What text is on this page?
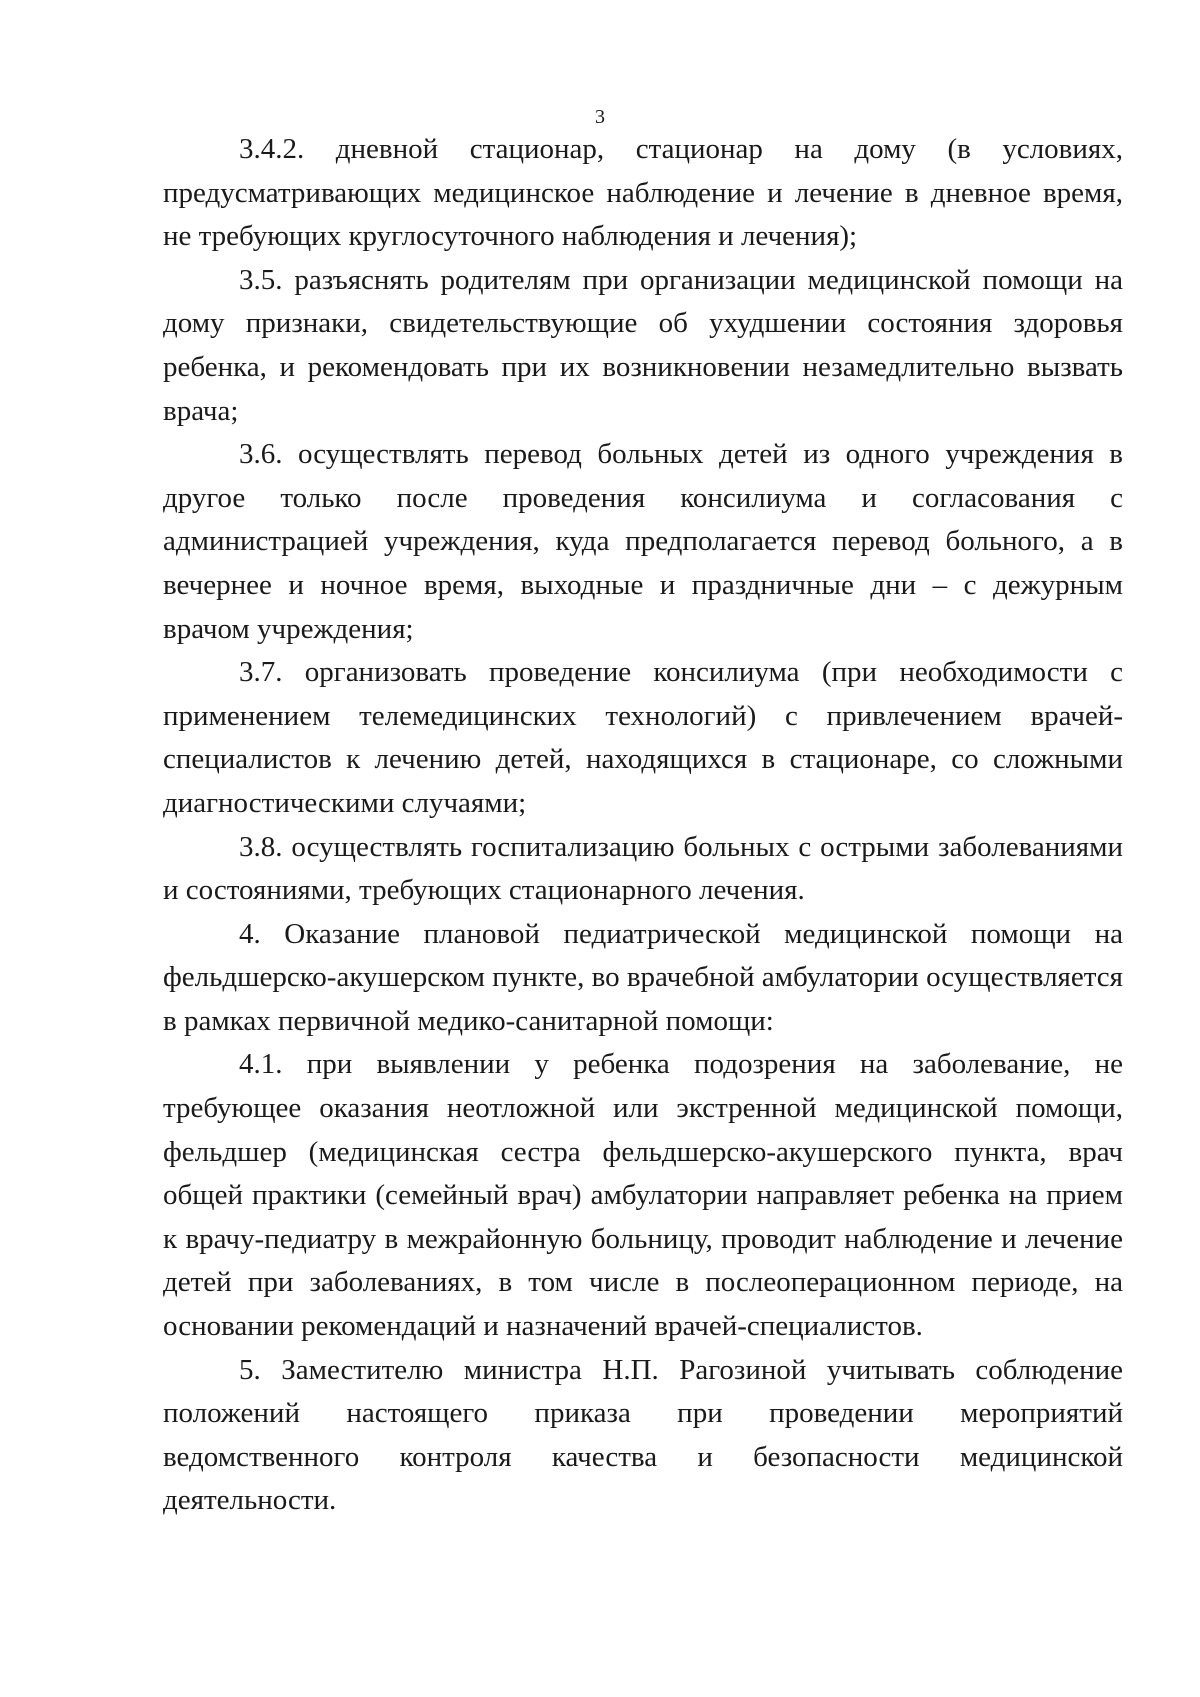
3

3.4.2. дневной стационар, стационар на дому (в условиях, предусматривающих медицинское наблюдение и лечение в дневное время, не требующих круглосуточного наблюдения и лечения);

3.5. разъяснять родителям при организации медицинской помощи на дому признаки, свидетельствующие об ухудшении состояния здоровья ребенка, и рекомендовать при их возникновении незамедлительно вызвать врача;

3.6. осуществлять перевод больных детей из одного учреждения в другое только после проведения консилиума и согласования с администрацией учреждения, куда предполагается перевод больного, а в вечернее и ночное время, выходные и праздничные дни – с дежурным врачом учреждения;

3.7. организовать проведение консилиума (при необходимости с применением телемедицинских технологий) с привлечением врачей-специалистов к лечению детей, находящихся в стационаре, со сложными диагностическими случаями;

3.8. осуществлять госпитализацию больных с острыми заболеваниями и состояниями, требующих стационарного лечения.

4. Оказание плановой педиатрической медицинской помощи на фельдшерско-акушерском пункте, во врачебной амбулатории осуществляется в рамках первичной медико-санитарной помощи:

4.1. при выявлении у ребенка подозрения на заболевание, не требующее оказания неотложной или экстренной медицинской помощи, фельдшер (медицинская сестра фельдшерско-акушерского пункта, врач общей практики (семейный врач) амбулатории направляет ребенка на прием к врачу-педиатру в межрайонную больницу, проводит наблюдение и лечение детей при заболеваниях, в том числе в послеоперационном периоде, на основании рекомендаций и назначений врачей-специалистов.

5. Заместителю министра Н.П. Рагозиной учитывать соблюдение положений настоящего приказа при проведении мероприятий ведомственного контроля качества и безопасности медицинской деятельности.
